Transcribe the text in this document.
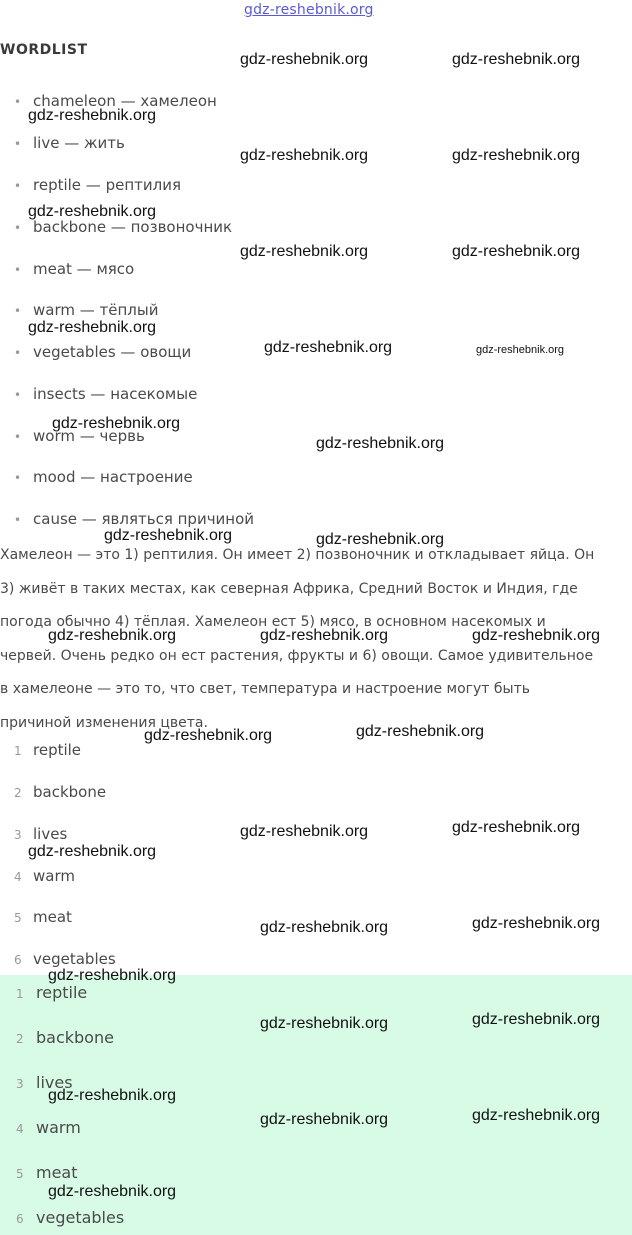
gdz-reshebnik.org
WORDLIST
• chameleon — хамелеон
• live — жить
• reptile — рептилия
• backbone — позвоночник
• meat — мясо
• warm — тёплый
• vegetables — овощи
• insects — насекомые
• worm — червь
• mood — настроение
• cause — являться причиной

Хамелеон — это 1) рептилия. Он имеет 2) позвоночник и откладывает яйца. Он

3) живёт в таких местах, как северная Африка, Средний Восток и Индия, где

погода обычно 4) тёплая. Хамелеон ест 5) мясо, в основном насекомых и

червей. Очень редко он ест растения, фрукты и 6) овощи. Самое удивительное

в хамелеоне — это то, что свет, температура и настроение могут быть

причиной изменения цвета.

1 reptile
2 backbone
3 lives
4 warm
5 meat
6 vegetables
1 reptile
2 backbone
3 lives
4 warm
5 meat
6 vegetables
gdz-reshebnik.org	gdz-reshebnik.org
gdz-reshebnik.org
gdz-reshebnik.org	gdz-reshebnik.org
gdz-reshebnik.org
gdz-reshebnik.org	gdz-reshebnik.org
gdz-reshebnik.org
gdz-reshebnik.org	gdz-reshebnik.org
gdz-reshebnik.org
gdz-reshebnik.org
gdz-reshebnik.org	gdz-reshebnik.org
gdz-reshebnik.org	gdz-reshebnik.org	gdz-reshebnik.org
gdz-reshebnik.org	gdz-reshebnik.org
gdz-reshebnik.org	gdz-reshebnik.org
gdz-reshebnik.org
gdz-reshebnik.org	gdz-reshebnik.org
gdz-reshebnik.org
gdz-reshebnik.org	gdz-reshebnik.org
gdz-reshebnik.org
gdz-reshebnik.org	gdz-reshebnik.org
gdz-reshebnik.org
